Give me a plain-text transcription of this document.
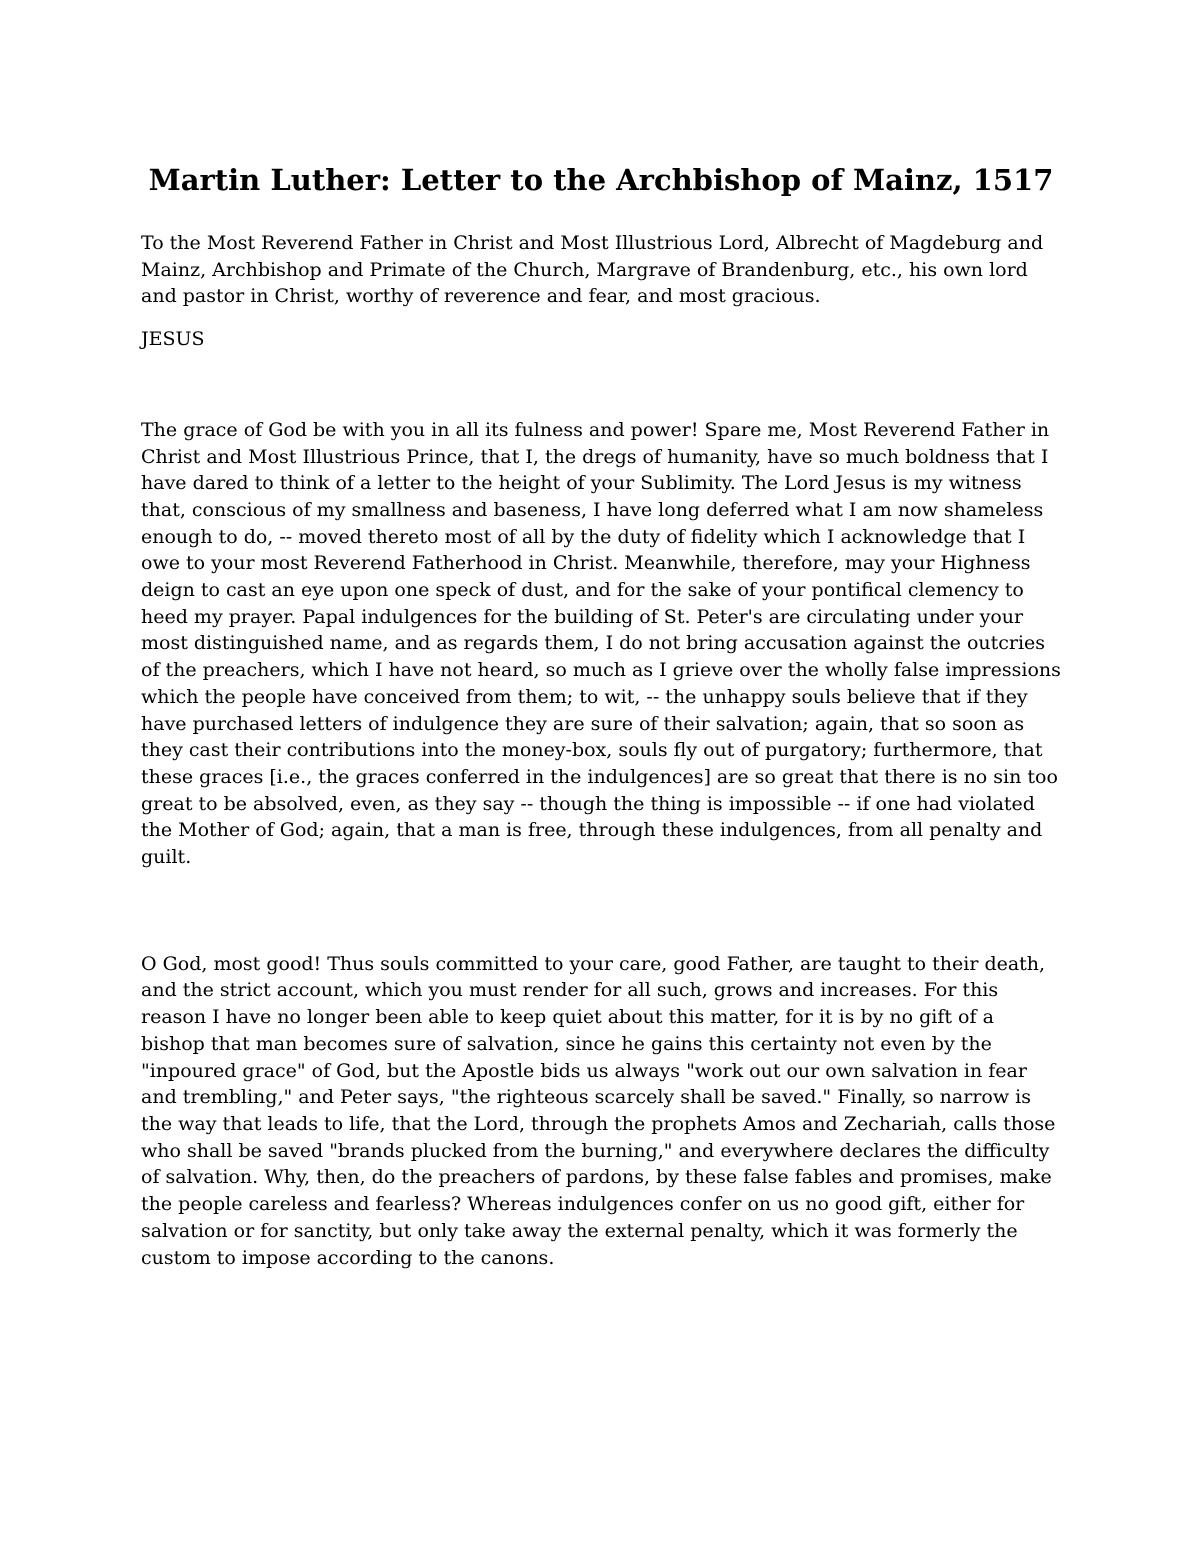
Martin Luther: Letter to the Archbishop of Mainz, 1517

To the Most Reverend Father in Christ and Most Illustrious Lord, Albrecht of Magdeburg and Mainz, Archbishop and Primate of the Church, Margrave of Brandenburg, etc., his own lord and pastor in Christ, worthy of reverence and fear, and most gracious.

JESUS

The grace of God be with you in all its fulness and power! Spare me, Most Reverend Father in Christ and Most Illustrious Prince, that I, the dregs of humanity, have so much boldness that I have dared to think of a letter to the height of your Sublimity. The Lord Jesus is my witness that, conscious of my smallness and baseness, I have long deferred what I am now shameless enough to do, -- moved thereto most of all by the duty of fidelity which I acknowledge that I owe to your most Reverend Fatherhood in Christ. Meanwhile, therefore, may your Highness deign to cast an eye upon one speck of dust, and for the sake of your pontifical clemency to heed my prayer. Papal indulgences for the building of St. Peter's are circulating under your most distinguished name, and as regards them, I do not bring accusation against the outcries of the preachers, which I have not heard, so much as I grieve over the wholly false impressions which the people have conceived from them; to wit, -- the unhappy souls believe that if they have purchased letters of indulgence they are sure of their salvation; again, that so soon as they cast their contributions into the money-box, souls fly out of purgatory; furthermore, that these graces [i.e., the graces conferred in the indulgences] are so great that there is no sin too great to be absolved, even, as they say -- though the thing is impossible -- if one had violated the Mother of God; again, that a man is free, through these indulgences, from all penalty and guilt.

O God, most good! Thus souls committed to your care, good Father, are taught to their death, and the strict account, which you must render for all such, grows and increases. For this reason I have no longer been able to keep quiet about this matter, for it is by no gift of a bishop that man becomes sure of salvation, since he gains this certainty not even by the "inpoured grace" of God, but the Apostle bids us always "work out our own salvation in fear and trembling," and Peter says, "the righteous scarcely shall be saved." Finally, so narrow is the way that leads to life, that the Lord, through the prophets Amos and Zechariah, calls those who shall be saved "brands plucked from the burning," and everywhere declares the difficulty of salvation. Why, then, do the preachers of pardons, by these false fables and promises, make the people careless and fearless? Whereas indulgences confer on us no good gift, either for salvation or for sanctity, but only take away the external penalty, which it was formerly the custom to impose according to the canons.
